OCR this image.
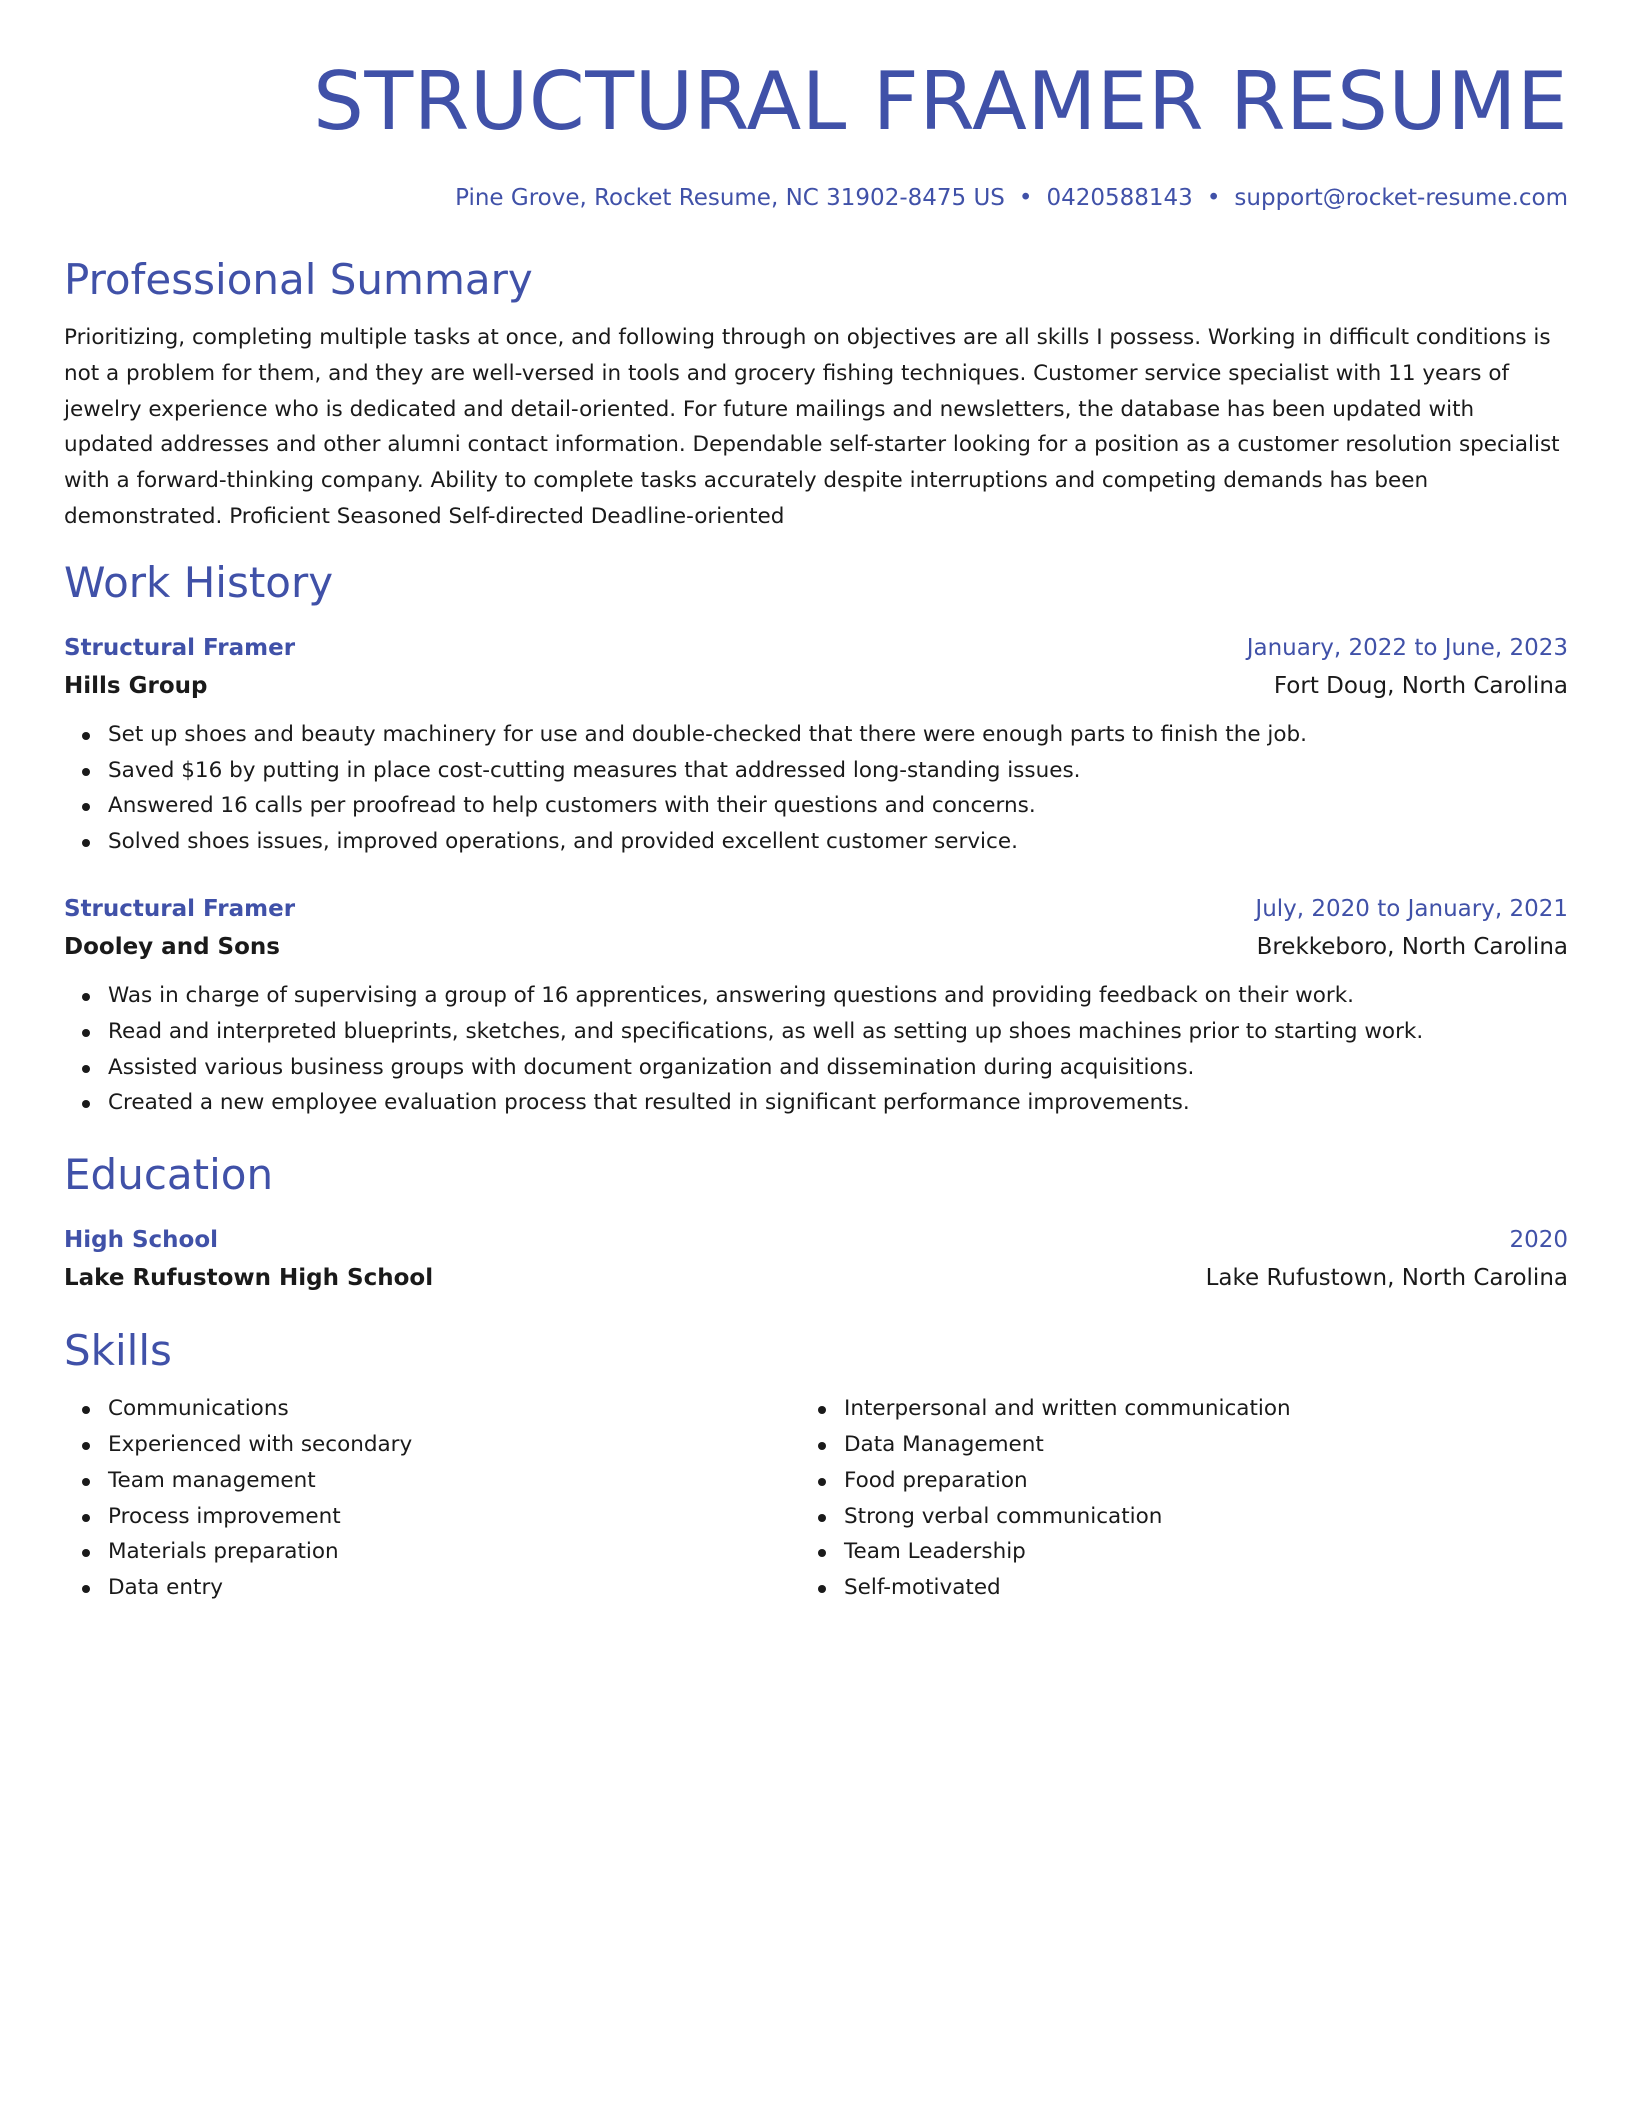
STRUCTURAL FRAMER RESUME
Pine Grove, Rocket Resume, NC 31902-8475 US • 0420588143 • support@rocket-resume.com
Professional Summary
Prioritizing, completing multiple tasks at once, and following through on objectives are all skills I possess. Working in difficult conditions is not a problem for them, and they are well-versed in tools and grocery fishing techniques. Customer service specialist with 11 years of jewelry experience who is dedicated and detail-oriented. For future mailings and newsletters, the database has been updated with updated addresses and other alumni contact information. Dependable self-starter looking for a position as a customer resolution specialist with a forward-thinking company. Ability to complete tasks accurately despite interruptions and competing demands has been demonstrated. Proficient Seasoned Self-directed Deadline-oriented
Work History
Structural Framer	January, 2022 to June, 2023
Hills Group	Fort Doug, North Carolina
Set up shoes and beauty machinery for use and double-checked that there were enough parts to finish the job.
Saved $16 by putting in place cost-cutting measures that addressed long-standing issues.
Answered 16 calls per proofread to help customers with their questions and concerns.
Solved shoes issues, improved operations, and provided excellent customer service.
Structural Framer	July, 2020 to January, 2021
Dooley and Sons	Brekkeboro, North Carolina
Was in charge of supervising a group of 16 apprentices, answering questions and providing feedback on their work.
Read and interpreted blueprints, sketches, and specifications, as well as setting up shoes machines prior to starting work.
Assisted various business groups with document organization and dissemination during acquisitions.
Created a new employee evaluation process that resulted in significant performance improvements.
Education
High School	2020
Lake Rufustown High School	Lake Rufustown, North Carolina
Skills
Communications
Experienced with secondary
Team management
Process improvement
Materials preparation
Data entry
Interpersonal and written communication
Data Management
Food preparation
Strong verbal communication
Team Leadership
Self-motivated
